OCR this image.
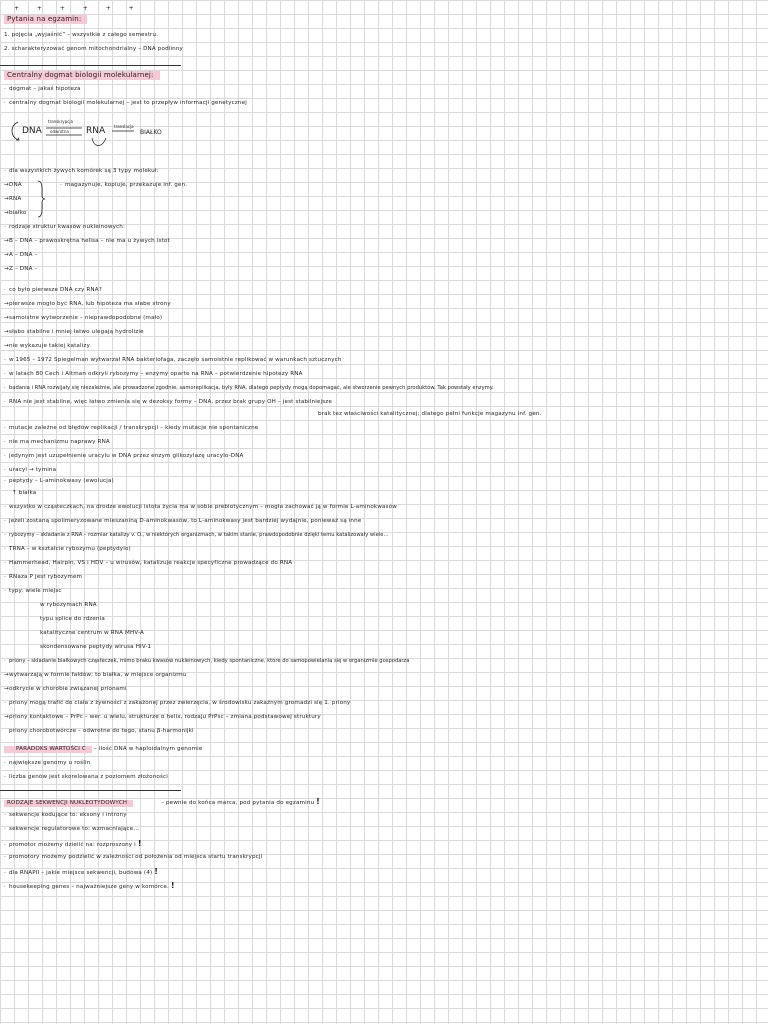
+ + + + + +
Pytania na egzamin:
1. pojęcia „wyjaśnić” – wszystkie z całego semestru.
2. scharakteryzować genom mitochondrialny – DNA podlinny
Centralny dogmat biologii molekularnej:
· dogmat – jakaś hipoteza
· centralny dogmat biologii molekularnej – jest to przepływ informacji genetycznej
DNA
transkrypcja
odwrotna RNA translacja
BIAŁKO
· dla wszystkich żywych komórek są 3 typy molekuł:
→DNA
→RNA
→białko
· magazynuje, kopiuje, przekazuje inf. gen.
· rodzaje struktur kwasów nukleinowych:
→B – DNA – prawoskrętna helisa – nie ma u żywych istot
→A – DNA –
→Z – DNA –
· co było pierwsze DNA czy RNA?
→pierwsze mogło być RNA, lub hipoteza ma słabe strony
→samoistne wytworzenie – nieprawdopodobne (mało)
→słabo stabilne i mniej łatwo ulegają hydrolizie
→nie wykazuje takiej katalizy
· w 1965 – 1972 Spiegelman wytwarzał RNA bakteriofaga, zaczęło samoistnie replikować w warunkach sztucznych
· w latach 80 Cech i Altman odkryli rybozymy – enzymy oparte na RNA – potwierdzenie hipotezy RNA
· badania i RNA rozwijały się niezależnie, ale prowadzone zgodnie, samoreplikacja, były RNA, dlatego peptydy mogą dopomagać, ale stworzenie pewnych produktów. Tak powstały enzymy.
· RNA nie jest stabilne, więc łatwo zmienia się w dezoksy formy – DNA, przez brak grupy OH – jest stabilniejsze
brak tez właściwości katalitycznej; dlatego pełni funkcje magazynu inf. gen.
· mutacje zależne od błędów replikacji / transkrypcji – kiedy mutacje nie spontaniczne
· nie ma mechanizmu naprawy RNA
· jedynym jest uzupełnienie uracylu w DNA przez enzym glikozylazę uracylo-DNA
· uracyl → tymina
· peptydy – L-aminokwasy (ewolucja)
↑ białka
· wszystko w cząsteczkach, na drodze ewolucji istota życia ma w sobie prebiotycznym – mogła zachować ją w formie L-aminokwasów
· jeżeli zostaną spolimeryzowane mieszaniną D-aminokwasów, to L-aminokwasy jest bardziej wydajnie, ponieważ są inne
· rybozymy – składanie z RNA – rozmiar katalizy v. O., w niektórych organizmach, w takim stanie, prawdopodobnie dzięki temu katalizowały wiele…
· TRNA – w kształcie rybozymu (peptydylo)
· Hammerhead, Hairpin, VS i HDV – u wirusów, katalizuje reakcje specyficzne prowadzące do RNA
· RNaza P jest rybozymem
· typy: wiele miejsc
w rybozymach RNA
typu splice do rdzenia
katalityczne centrum w RNA MHV-A
skondensowane peptydy wirusa HIV-1
· priony – składanie białkowych cząsteczek, mimo braku kwasów nukleinowych, kiedy spontaniczne, które do samopowielania się w organizmie gospodarza
→wytwarzają w formie fałdów; to białka, w miejsce organizmu
→odkrycie w chorobie związanej prionami
· priony mogą trafić do ciała z żywności z zakażonej przez zwierzęcia, w środowisku zakaźnym gromadzi się 1. priony
→priony kontaktowe – PrPc – wer. u wielu, strukturze α helix, rodzaju PrPsc – zmiana podstawowej struktury
priony chorobotwórcze – odwrotne do tego, stanu β-harmonijki
PARADOKS WARTOŚCI C – ilość DNA w haploidalnym genomie
· największe genomy u roślin
· liczba genów jest skorelowana z poziomem złożoności
RODZAJE SEKWENCJI NUKLEOTYDOWYCH	– pewnie do końca marca, pod pytania do egzaminu !
· sekwencje kodujące to: eksony i introny
· sekwencje regulatorowe to: wzmacniające…
· promotor możemy dzielić na: rozproszony i !
· promotory możemy podzielić w zależności od położenia od miejsca startu transkrypcji
· dla RNAPII – jakie miejsce sekwencji, budowa (4) !
· housekeeping genes – najważniejsze geny w komórce. !
